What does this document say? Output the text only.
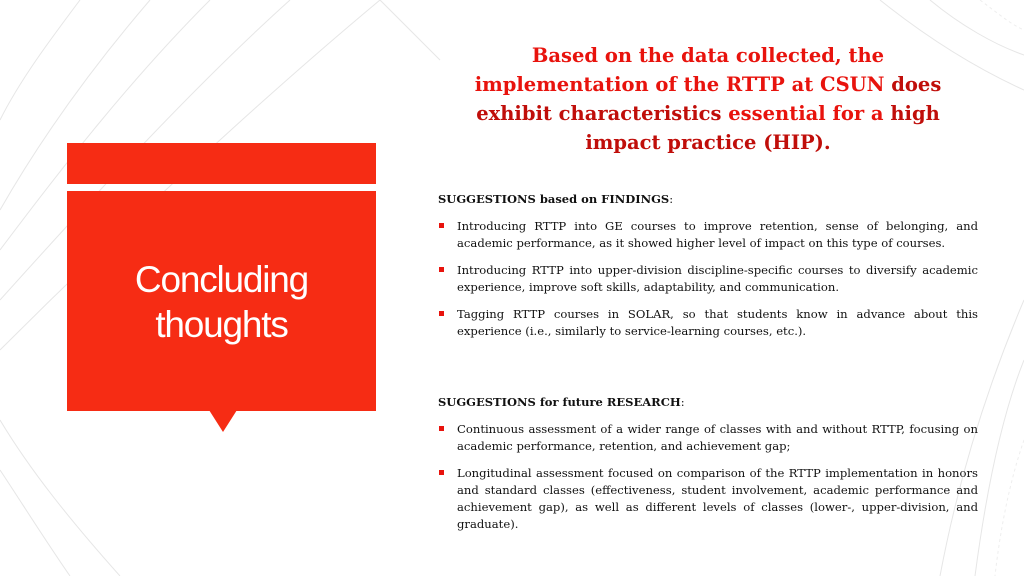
Concluding
thoughts
Based on the data collected, the implementation of the RTTP at CSUN does exhibit characteristics essential for a high impact practice (HIP).
SUGGESTIONS based on FINDINGS:
Introducing RTTP into GE courses to improve retention, sense of belonging, and academic performance, as it showed higher level of impact on this type of courses.
Introducing RTTP into upper-division discipline-specific courses to diversify academic experience, improve soft skills, adaptability, and communication.
Tagging RTTP courses in SOLAR, so that students know in advance about this experience (i.e., similarly to service-learning courses, etc.).
SUGGESTIONS for future RESEARCH:
Continuous assessment of a wider range of classes with and without RTTP, focusing on academic performance, retention, and achievement gap;
Longitudinal assessment focused on comparison of the RTTP implementation in honors and standard classes (effectiveness, student involvement, academic performance and achievement gap), as well as different levels of classes (lower-, upper-division, and graduate).
